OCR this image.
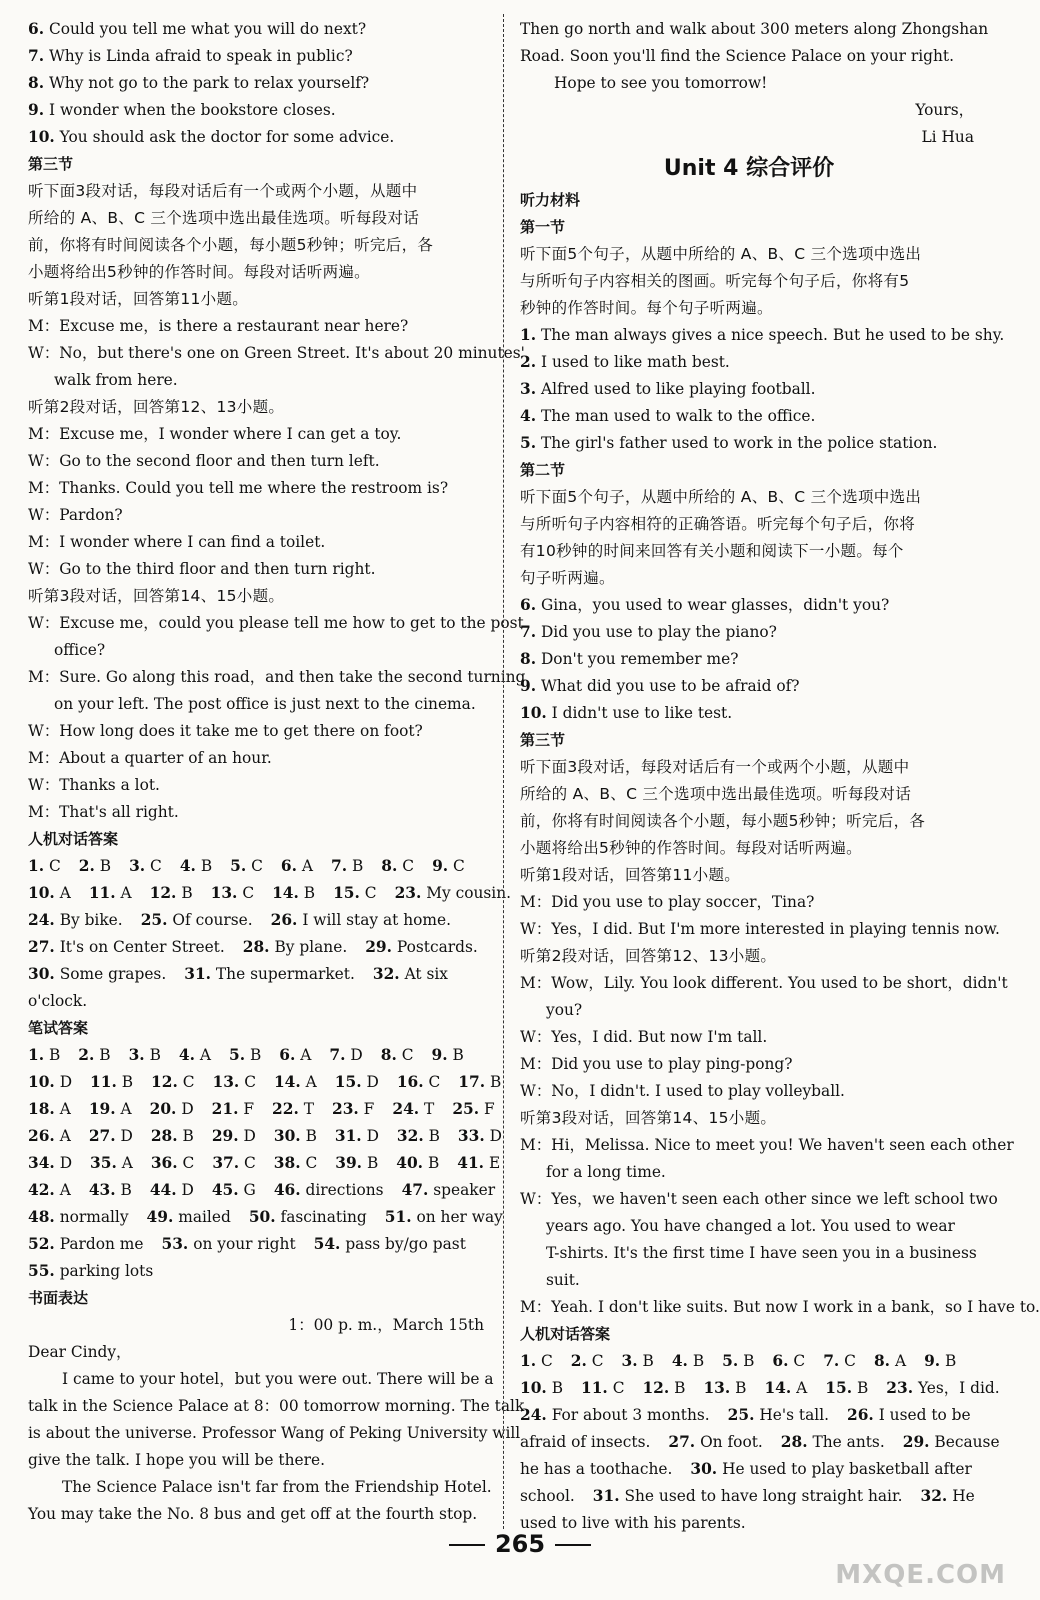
6. Could you tell me what you will do next?
7. Why is Linda afraid to speak in public?
8. Why not go to the park to relax yourself?
9. I wonder when the bookstore closes.
10. You should ask the doctor for some advice.
第三节
听下面3段对话，每段对话后有一个或两个小题，从题中
所给的 A、B、C 三个选项中选出最佳选项。听每段对话
前，你将有时间阅读各个小题，每小题5秒钟；听完后，各
小题将给出5秒钟的作答时间。每段对话听两遍。
听第1段对话，回答第11小题。
M：Excuse me，is there a restaurant near here?
W：No，but there's one on Green Street. It's about 20 minutes'
walk from here.
听第2段对话，回答第12、13小题。
M：Excuse me，I wonder where I can get a toy.
W：Go to the second floor and then turn left.
M：Thanks. Could you tell me where the restroom is?
W：Pardon?
M：I wonder where I can find a toilet.
W：Go to the third floor and then turn right.
听第3段对话，回答第14、15小题。
W：Excuse me，could you please tell me how to get to the post
office?
M：Sure. Go along this road，and then take the second turning
on your left. The post office is just next to the cinema.
W：How long does it take me to get there on foot?
M：About a quarter of an hour.
W：Thanks a lot.
M：That's all right.
人机对话答案
1. C 2. B 3. C 4. B 5. C 6. A 7. B 8. C 9. C
10. A 11. A 12. B 13. C 14. B 15. C 23. My cousin.
24. By bike. 25. Of course. 26. I will stay at home.
27. It's on Center Street. 28. By plane. 29. Postcards.
30. Some grapes. 31. The supermarket. 32. At six
o'clock.
笔试答案
1. B 2. B 3. B 4. A 5. B 6. A 7. D 8. C 9. B
10. D 11. B 12. C 13. C 14. A 15. D 16. C 17. B
18. A 19. A 20. D 21. F 22. T 23. F 24. T 25. F
26. A 27. D 28. B 29. D 30. B 31. D 32. B 33. D
34. D 35. A 36. C 37. C 38. C 39. B 40. B 41. E
42. A 43. B 44. D 45. G 46. directions 47. speaker
48. normally 49. mailed 50. fascinating 51. on her way
52. Pardon me 53. on your right 54. pass by/go past
55. parking lots
书面表达
1：00 p. m.，March 15th
Dear Cindy，
I came to your hotel，but you were out. There will be a
talk in the Science Palace at 8：00 tomorrow morning. The talk
is about the universe. Professor Wang of Peking University will
give the talk. I hope you will be there.
The Science Palace isn't far from the Friendship Hotel.
You may take the No. 8 bus and get off at the fourth stop.
Then go north and walk about 300 meters along Zhongshan
Road. Soon you'll find the Science Palace on your right.
Hope to see you tomorrow!
Yours，
Li Hua
Unit 4 综合评价
听力材料
第一节
听下面5个句子，从题中所给的 A、B、C 三个选项中选出
与所听句子内容相关的图画。听完每个句子后，你将有5
秒钟的作答时间。每个句子听两遍。
1. The man always gives a nice speech. But he used to be shy.
2. I used to like math best.
3. Alfred used to like playing football.
4. The man used to walk to the office.
5. The girl's father used to work in the police station.
第二节
听下面5个句子，从题中所给的 A、B、C 三个选项中选出
与所听句子内容相符的正确答语。听完每个句子后，你将
有10秒钟的时间来回答有关小题和阅读下一小题。每个
句子听两遍。
6. Gina，you used to wear glasses，didn't you?
7. Did you use to play the piano?
8. Don't you remember me?
9. What did you use to be afraid of?
10. I didn't use to like test.
第三节
听下面3段对话，每段对话后有一个或两个小题，从题中
所给的 A、B、C 三个选项中选出最佳选项。听每段对话
前，你将有时间阅读各个小题，每小题5秒钟；听完后，各
小题将给出5秒钟的作答时间。每段对话听两遍。
听第1段对话，回答第11小题。
M：Did you use to play soccer，Tina?
W：Yes，I did. But I'm more interested in playing tennis now.
听第2段对话，回答第12、13小题。
M：Wow，Lily. You look different. You used to be short，didn't
you?
W：Yes，I did. But now I'm tall.
M：Did you use to play ping-pong?
W：No，I didn't. I used to play volleyball.
听第3段对话，回答第14、15小题。
M：Hi，Melissa. Nice to meet you! We haven't seen each other
for a long time.
W：Yes，we haven't seen each other since we left school two
years ago. You have changed a lot. You used to wear
T-shirts. It's the first time I have seen you in a business
suit.
M：Yeah. I don't like suits. But now I work in a bank，so I have to.
人机对话答案
1. C 2. C 3. B 4. B 5. B 6. C 7. C 8. A 9. B
10. B 11. C 12. B 13. B 14. A 15. B 23. Yes，I did.
24. For about 3 months. 25. He's tall. 26. I used to be
afraid of insects. 27. On foot. 28. The ants. 29. Because
he has a toothache. 30. He used to play basketball after
school. 31. She used to have long straight hair. 32. He
used to live with his parents.
265
MXQE.COM
